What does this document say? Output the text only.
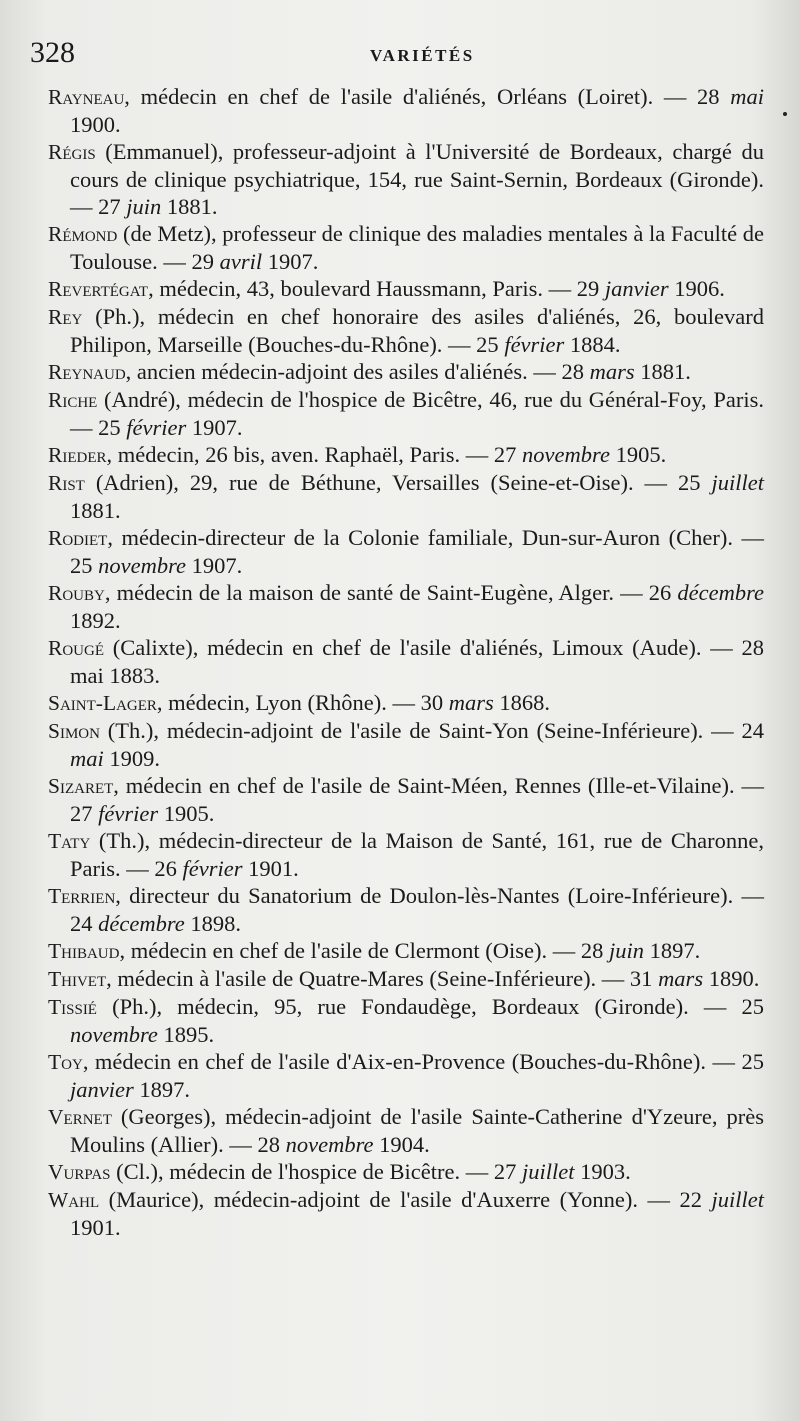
328	VARIÉTÉS

Rayneau, médecin en chef de l'asile d'aliénés, Orléans (Loiret). — 28 mai 1900.

Régis (Emmanuel), professeur-adjoint à l'Université de Bordeaux, chargé du cours de clinique psychiatrique, 154, rue Saint-Sernin, Bordeaux (Gironde). — 27 juin 1881.

Rémond (de Metz), professeur de clinique des maladies mentales à la Faculté de Toulouse. — 29 avril 1907.

Revertégat, médecin, 43, boulevard Haussmann, Paris. — 29 janvier 1906.

Rey (Ph.), médecin en chef honoraire des asiles d'aliénés, 26, boulevard Philipon, Marseille (Bouches-du-Rhône). — 25 février 1884.

Reynaud, ancien médecin-adjoint des asiles d'aliénés. — 28 mars 1881.

Riche (André), médecin de l'hospice de Bicêtre, 46, rue du Général-Foy, Paris. — 25 février 1907.

Rieder, médecin, 26 bis, aven. Raphaël, Paris. — 27 novembre 1905.

Rist (Adrien), 29, rue de Béthune, Versailles (Seine-et-Oise). — 25 juillet 1881.

Rodiet, médecin-directeur de la Colonie familiale, Dun-sur-Auron (Cher). — 25 novembre 1907.

Rouby, médecin de la maison de santé de Saint-Eugène, Alger. — 26 décembre 1892.

Rougé (Calixte), médecin en chef de l'asile d'aliénés, Limoux (Aude). — 28 mai 1883.

Saint-Lager, médecin, Lyon (Rhône). — 30 mars 1868.

Simon (Th.), médecin-adjoint de l'asile de Saint-Yon (Seine-Inférieure). — 24 mai 1909.

Sizaret, médecin en chef de l'asile de Saint-Méen, Rennes (Ille-et-Vilaine). — 27 février 1905.

Taty (Th.), médecin-directeur de la Maison de Santé, 161, rue de Charonne, Paris. — 26 février 1901.

Terrien, directeur du Sanatorium de Doulon-lès-Nantes (Loire-Inférieure). — 24 décembre 1898.

Thibaud, médecin en chef de l'asile de Clermont (Oise). — 28 juin 1897.

Thivet, médecin à l'asile de Quatre-Mares (Seine-Inférieure). — 31 mars 1890.

Tissié (Ph.), médecin, 95, rue Fondaudège, Bordeaux (Gironde). — 25 novembre 1895.

Toy, médecin en chef de l'asile d'Aix-en-Provence (Bouches-du-Rhône). — 25 janvier 1897.

Vernet (Georges), médecin-adjoint de l'asile Sainte-Catherine d'Yzeure, près Moulins (Allier). — 28 novembre 1904.

Vurpas (Cl.), médecin de l'hospice de Bicêtre. — 27 juillet 1903.

Wahl (Maurice), médecin-adjoint de l'asile d'Auxerre (Yonne). — 22 juillet 1901.
